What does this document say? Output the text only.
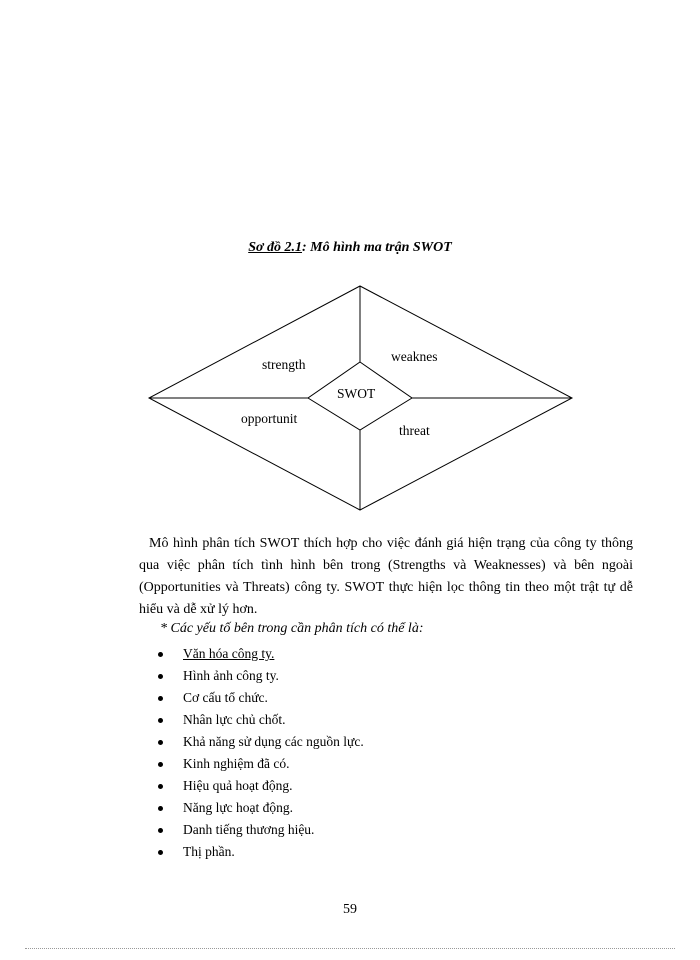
Sơ đồ 2.1: Mô hình ma trận SWOT
strength
weaknes
SWOT
opportunit
threat
Mô hình phân tích SWOT thích hợp cho việc đánh giá hiện trạng của công ty thông qua việc phân tích tình hình bên trong (Strengths và Weaknesses) và bên ngoài (Opportunities và Threats) công ty. SWOT thực hiện lọc thông tin theo một trật tự dễ hiểu và dễ xử lý hơn.
* Các yếu tố bên trong cần phân tích có thể là:
Văn hóa công ty.
Hình ảnh công ty.
Cơ cấu tổ chức.
Nhân lực chủ chốt.
Khả năng sử dụng các nguồn lực.
Kinh nghiệm đã có.
Hiệu quả hoạt động.
Năng lực hoạt động.
Danh tiếng thương hiệu.
Thị phần.
59
